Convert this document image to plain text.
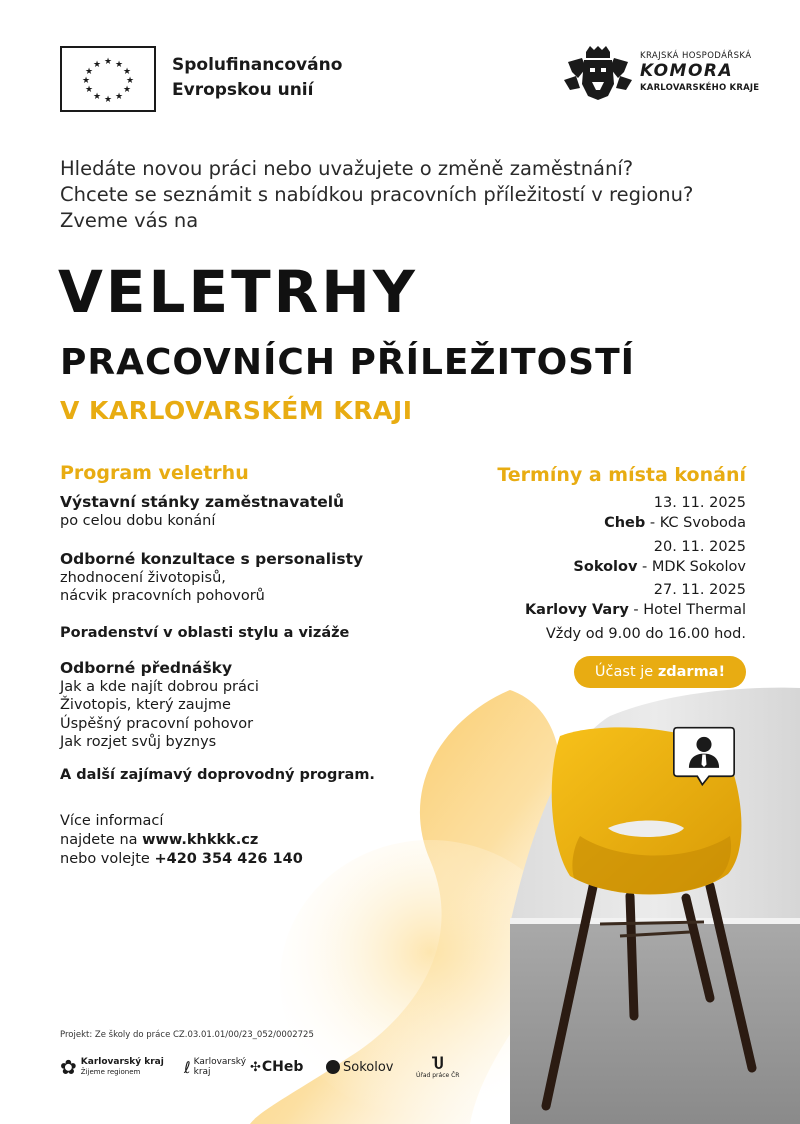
★ ★
★
★
★
★
★
★
★
★
★
★	Spolufinancováno
Evropskou unií
KRAJSKÁ HOSPODÁŘSKÁ
KOMORA
KARLOVARSKÉHO KRAJE
Hledáte novou práci nebo uvažujete o změně zaměstnání?
Chcete se seznámit s nabídkou pracovních příležitostí v regionu?
Zveme vás na
VELETRHY
PRACOVNÍCH PŘÍLEŽITOSTÍ
V KARLOVARSKÉM KRAJI
Program veletrhu
Výstavní stánky zaměstnavatelů
po celou dobu konání
Odborné konzultace s personalisty
zhodnocení životopisů,
nácvik pracovních pohovorů
Poradenství v oblasti stylu a vizáže
Odborné přednášky
Jak a kde najít dobrou práci
Životopis, který zaujme
Úspěšný pracovní pohovor
Jak rozjet svůj byznys
A další zajímavý doprovodný program.
Více informací
najdete na www.khkkk.cz
nebo volejte +420 354 426 140
Termíny a místa konání
13. 11. 2025
Cheb - KC Svoboda
20. 11. 2025
Sokolov - MDK Sokolov
27. 11. 2025
Karlovy Vary - Hotel Thermal
Vždy od 9.00 do 16.00 hod.
Účast je zdarma!
Projekt: Ze školy do práce CZ.03.01.01/00/23_052/0002725
✿ Karlovarský kraj
Žijeme regionem	ℓ Karlovarský
kraj	✣ CHeb	Sokolov	Ⴎ
Úřad práce ČR
